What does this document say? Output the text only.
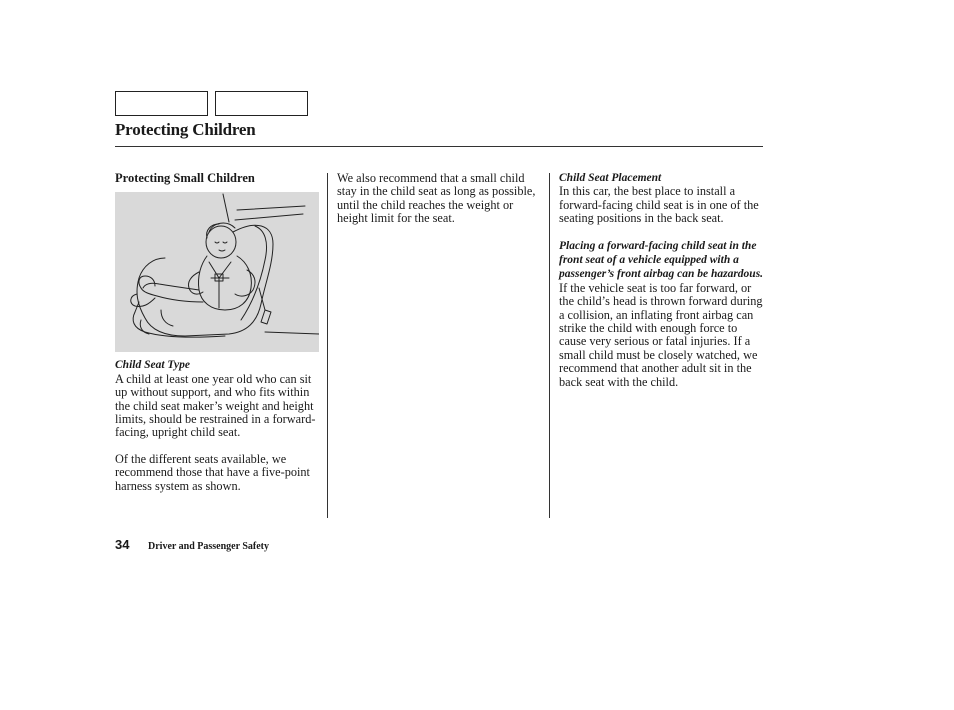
Protecting Children
Protecting Small Children
Child Seat Type

A child at least one year old who can sit up without support, and who fits within the child seat maker’s weight and height limits, should be restrained in a forward-facing, upright child seat.

Of the different seats available, we recommend those that have a five-point harness system as shown.

We also recommend that a small child stay in the child seat as long as possible, until the child reaches the weight or height limit for the seat.

Child Seat Placement

In this car, the best place to install a forward-facing child seat is in one of the seating positions in the back seat.

Placing a forward-facing child seat in the front seat of a vehicle equipped with a passenger’s front airbag can be hazardous. If the vehicle seat is too far forward, or the child’s head is thrown forward during a collision, an inflating front airbag can strike the child with enough force to cause very serious or fatal injuries. If a small child must be closely watched, we recommend that another adult sit in the back seat with the child.

34 Driver and Passenger Safety
